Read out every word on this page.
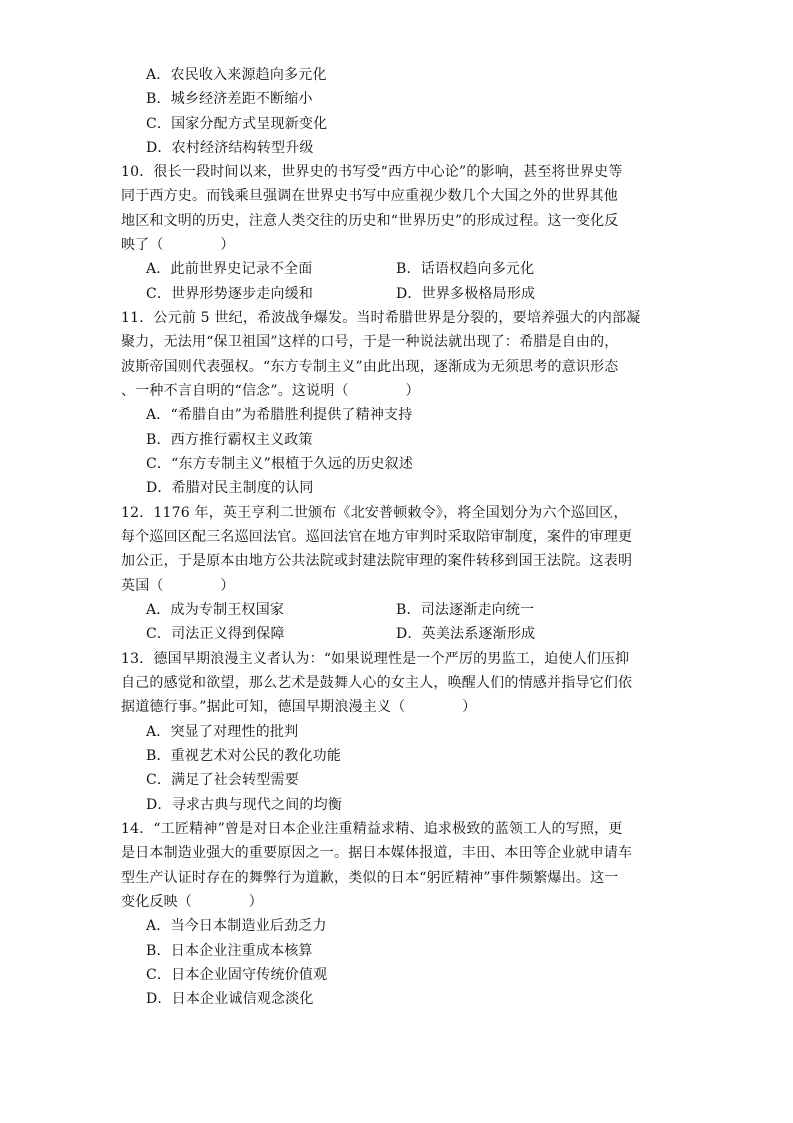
A．农民收入来源趋向多元化
B．城乡经济差距不断缩小
C．国家分配方式呈现新变化
D．农村经济结构转型升级
10．很长一段时间以来，世界史的书写受“西方中心论”的影响，甚至将世界史等
同于西方史。而钱乘旦强调在世界史书写中应重视少数几个大国之外的世界其他
地区和文明的历史，注意人类交往的历史和“世界历史”的形成过程。这一变化反
映了（　　　　）
A．此前世界史记录不全面	B．话语权趋向多元化
C．世界形势逐步走向缓和	D．世界多极格局形成
11．公元前 5 世纪，希波战争爆发。当时希腊世界是分裂的，要培养强大的内部凝
聚力，无法用“保卫祖国”这样的口号，于是一种说法就出现了：希腊是自由的，
波斯帝国则代表强权。“东方专制主义”由此出现，逐渐成为无须思考的意识形态
、一种不言自明的“信念”。这说明（　　　　）
A．“希腊自由”为希腊胜利提供了精神支持
B．西方推行霸权主义政策
C．“东方专制主义”根植于久远的历史叙述
D．希腊对民主制度的认同
12．1176 年，英王亨利二世颁布《北安普顿敕令》，将全国划分为六个巡回区，
每个巡回区配三名巡回法官。巡回法官在地方审判时采取陪审制度，案件的审理更
加公正，于是原本由地方公共法院或封建法院审理的案件转移到国王法院。这表明
英国（　　　　）
A．成为专制王权国家	B．司法逐渐走向统一
C．司法正义得到保障	D．英美法系逐渐形成
13．德国早期浪漫主义者认为：“如果说理性是一个严厉的男监工，迫使人们压抑
自己的感觉和欲望，那么艺术是鼓舞人心的女主人，唤醒人们的情感并指导它们依
据道德行事。”据此可知，德国早期浪漫主义（　　　　）
A．突显了对理性的批判
B．重视艺术对公民的教化功能
C．满足了社会转型需要
D．寻求古典与现代之间的均衡
14．“工匠精神”曾是对日本企业注重精益求精、追求极致的蓝领工人的写照，更
是日本制造业强大的重要原因之一。据日本媒体报道，丰田、本田等企业就申请车
型生产认证时存在的舞弊行为道歉，类似的日本“躬匠精神”事件频繁爆出。这一
变化反映（　　　　）
A．当今日本制造业后劲乏力
B．日本企业注重成本核算
C．日本企业固守传统价值观
D．日本企业诚信观念淡化
